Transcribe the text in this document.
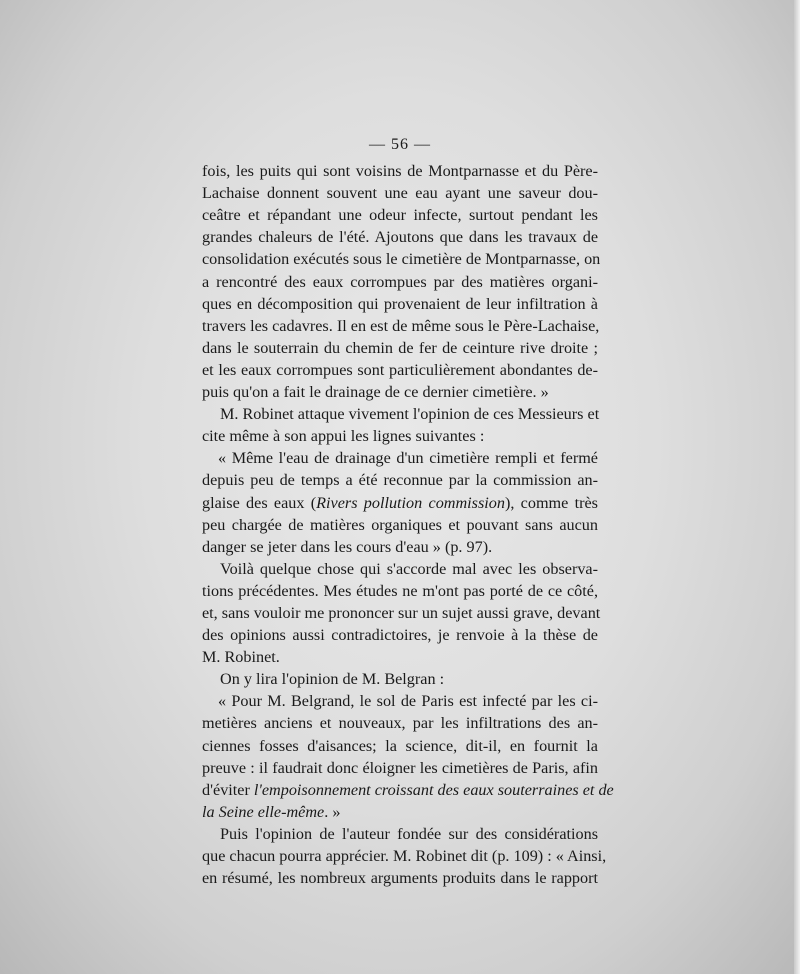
— 56 —
fois, les puits qui sont voisins de Montparnasse et du Père-
Lachaise donnent souvent une eau ayant une saveur dou-
ceâtre et répandant une odeur infecte, surtout pendant les
grandes chaleurs de l'été. Ajoutons que dans les travaux de
consolidation exécutés sous le cimetière de Montparnasse, on
a rencontré des eaux corrompues par des matières organi-
ques en décomposition qui provenaient de leur infiltration à
travers les cadavres. Il en est de même sous le Père-Lachaise,
dans le souterrain du chemin de fer de ceinture rive droite ;
et les eaux corrompues sont particulièrement abondantes de-
puis qu'on a fait le drainage de ce dernier cimetière. »
M. Robinet attaque vivement l'opinion de ces Messieurs et
cite même à son appui les lignes suivantes :
« Même l'eau de drainage d'un cimetière rempli et fermé
depuis peu de temps a été reconnue par la commission an-
glaise des eaux (Rivers pollution commission), comme très
peu chargée de matières organiques et pouvant sans aucun
danger se jeter dans les cours d'eau » (p. 97).
Voilà quelque chose qui s'accorde mal avec les observa-
tions précédentes. Mes études ne m'ont pas porté de ce côté,
et, sans vouloir me prononcer sur un sujet aussi grave, devant
des opinions aussi contradictoires, je renvoie à la thèse de
M. Robinet.
On y lira l'opinion de M. Belgran :
« Pour M. Belgrand, le sol de Paris est infecté par les ci-
metières anciens et nouveaux, par les infiltrations des an-
ciennes fosses d'aisances; la science, dit-il, en fournit la
preuve : il faudrait donc éloigner les cimetières de Paris, afin
d'éviter l'empoisonnement croissant des eaux souterraines et de
la Seine elle-même. »
Puis l'opinion de l'auteur fondée sur des considérations
que chacun pourra apprécier. M. Robinet dit (p. 109) : « Ainsi,
en résumé, les nombreux arguments produits dans le rapport
